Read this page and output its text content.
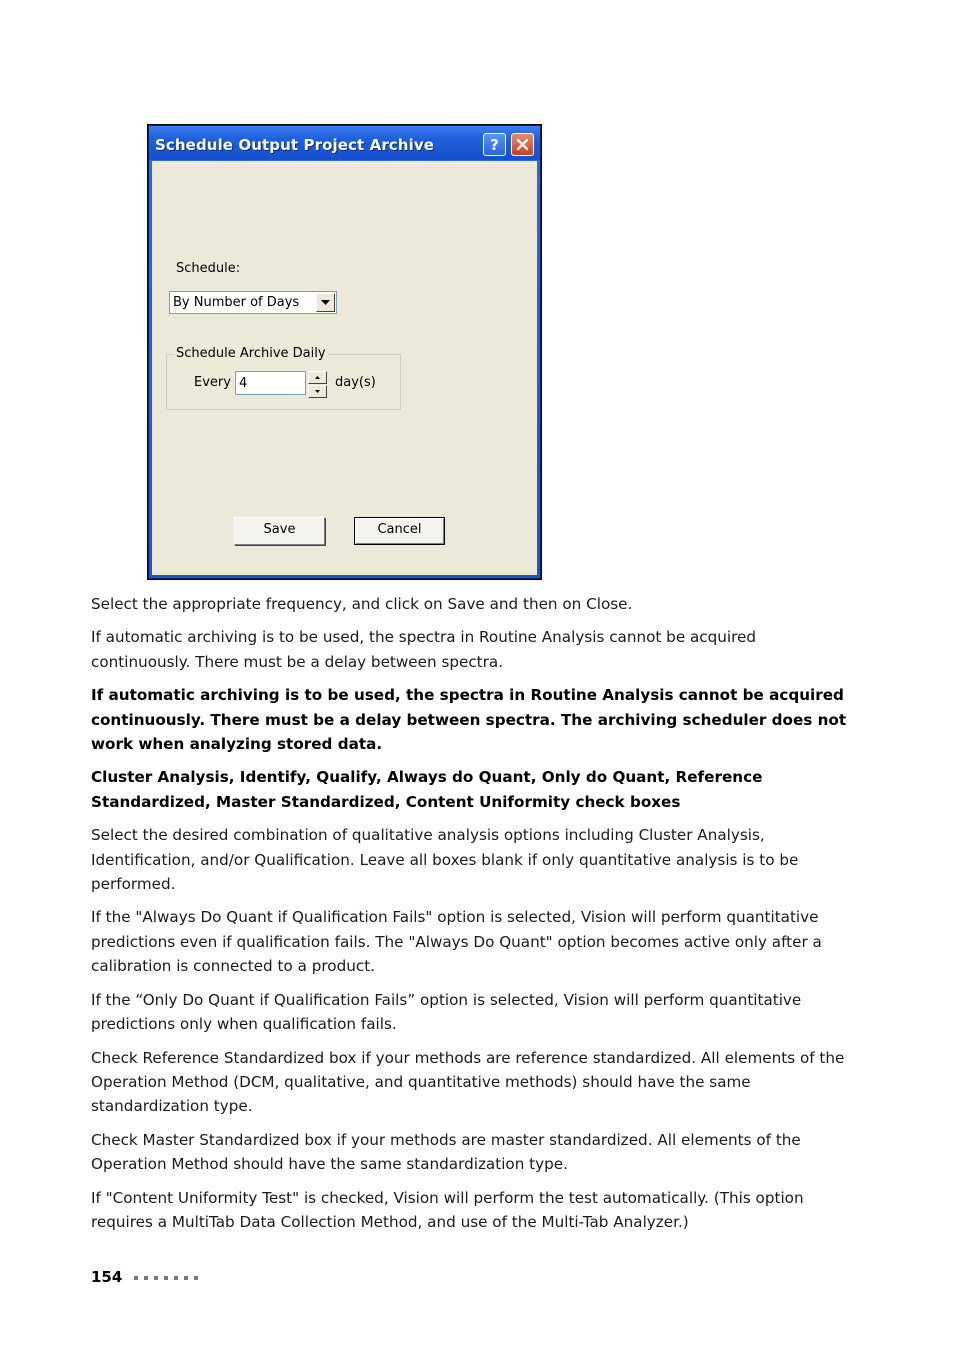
Schedule Output Project Archive	?
Schedule:
By Number of Days
Schedule Archive Daily
Every
4	day(s)
Save	Cancel

Select the appropriate frequency, and click on Save and then on Close.

If automatic archiving is to be used, the spectra in Routine Analysis cannot be acquired continuously. There must be a delay between spectra.

If automatic archiving is to be used, the spectra in Routine Analysis cannot be acquired continuously. There must be a delay between spectra. The archiving scheduler does not work when analyzing stored data.

Cluster Analysis, Identify, Qualify, Always do Quant, Only do Quant, Reference Standardized, Master Standardized, Content Uniformity check boxes

Select the desired combination of qualitative analysis options including Cluster Analysis, Identification, and/or Qualification. Leave all boxes blank if only quantitative analysis is to be performed.

If the "Always Do Quant if Qualification Fails" option is selected, Vision will perform quantitative predictions even if qualification fails. The "Always Do Quant" option becomes active only after a calibration is connected to a product.

If the “Only Do Quant if Qualification Fails” option is selected, Vision will perform quantitative predictions only when qualification fails.

Check Reference Standardized box if your methods are reference standardized. All elements of the Operation Method (DCM, qualitative, and quantitative methods) should have the same standardization type.

Check Master Standardized box if your methods are master standardized. All elements of the Operation Method should have the same standardization type.

If "Content Uniformity Test" is checked, Vision will perform the test automatically. (This option requires a MultiTab Data Collection Method, and use of the Multi-Tab Analyzer.)

154
